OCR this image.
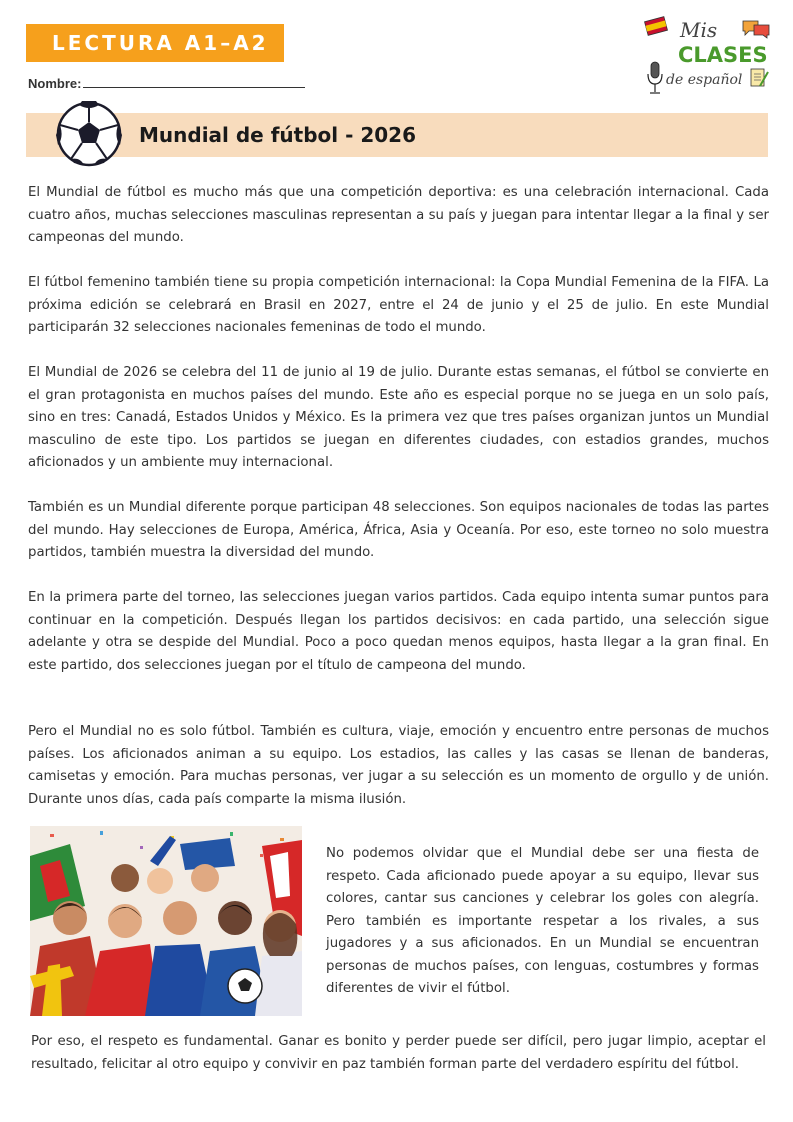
LECTURA A1–A2
Nombre:
Mis
CLASES
de español
Mundial de fútbol - 2026

El Mundial de fútbol es mucho más que una competición deportiva: es una celebración internacional. Cada cuatro años, muchas selecciones masculinas representan a su país y juegan para intentar llegar a la final y ser campeonas del mundo.

El fútbol femenino también tiene su propia competición internacional: la Copa Mundial Femenina de la FIFA. La próxima edición se celebrará en Brasil en 2027, entre el 24 de junio y el 25 de julio. En este Mundial participarán 32 selecciones nacionales femeninas de todo el mundo.

El Mundial de 2026 se celebra del 11 de junio al 19 de julio. Durante estas semanas, el fútbol se convierte en el gran protagonista en muchos países del mundo. Este año es especial porque no se juega en un solo país, sino en tres: Canadá, Estados Unidos y México. Es la primera vez que tres países organizan juntos un Mundial masculino de este tipo. Los partidos se juegan en diferentes ciudades, con estadios grandes, muchos aficionados y un ambiente muy internacional.

También es un Mundial diferente porque participan 48 selecciones. Son equipos nacionales de todas las partes del mundo. Hay selecciones de Europa, América, África, Asia y Oceanía. Por eso, este torneo no solo muestra partidos, también muestra la diversidad del mundo.

En la primera parte del torneo, las selecciones juegan varios partidos. Cada equipo intenta sumar puntos para continuar en la competición. Después llegan los partidos decisivos: en cada partido, una selección sigue adelante y otra se despide del Mundial. Poco a poco quedan menos equipos, hasta llegar a la gran final. En este partido, dos selecciones juegan por el título de campeona del mundo.

Pero el Mundial no es solo fútbol. También es cultura, viaje, emoción y encuentro entre personas de muchos países. Los aficionados animan a su equipo. Los estadios, las calles y las casas se llenan de banderas, camisetas y emoción. Para muchas personas, ver jugar a su selección es un momento de orgullo y de unión. Durante unos días, cada país comparte la misma ilusión.

No podemos olvidar que el Mundial debe ser una fiesta de respeto. Cada aficionado puede apoyar a su equipo, llevar sus colores, cantar sus canciones y celebrar los goles con alegría. Pero también es importante respetar a los rivales, a sus jugadores y a sus aficionados. En un Mundial se encuentran personas de muchos países, con lenguas, costumbres y formas diferentes de vivir el fútbol.

Por eso, el respeto es fundamental. Ganar es bonito y perder puede ser difícil, pero jugar limpio, aceptar el resultado, felicitar al otro equipo y convivir en paz también forman parte del verdadero espíritu del fútbol.
